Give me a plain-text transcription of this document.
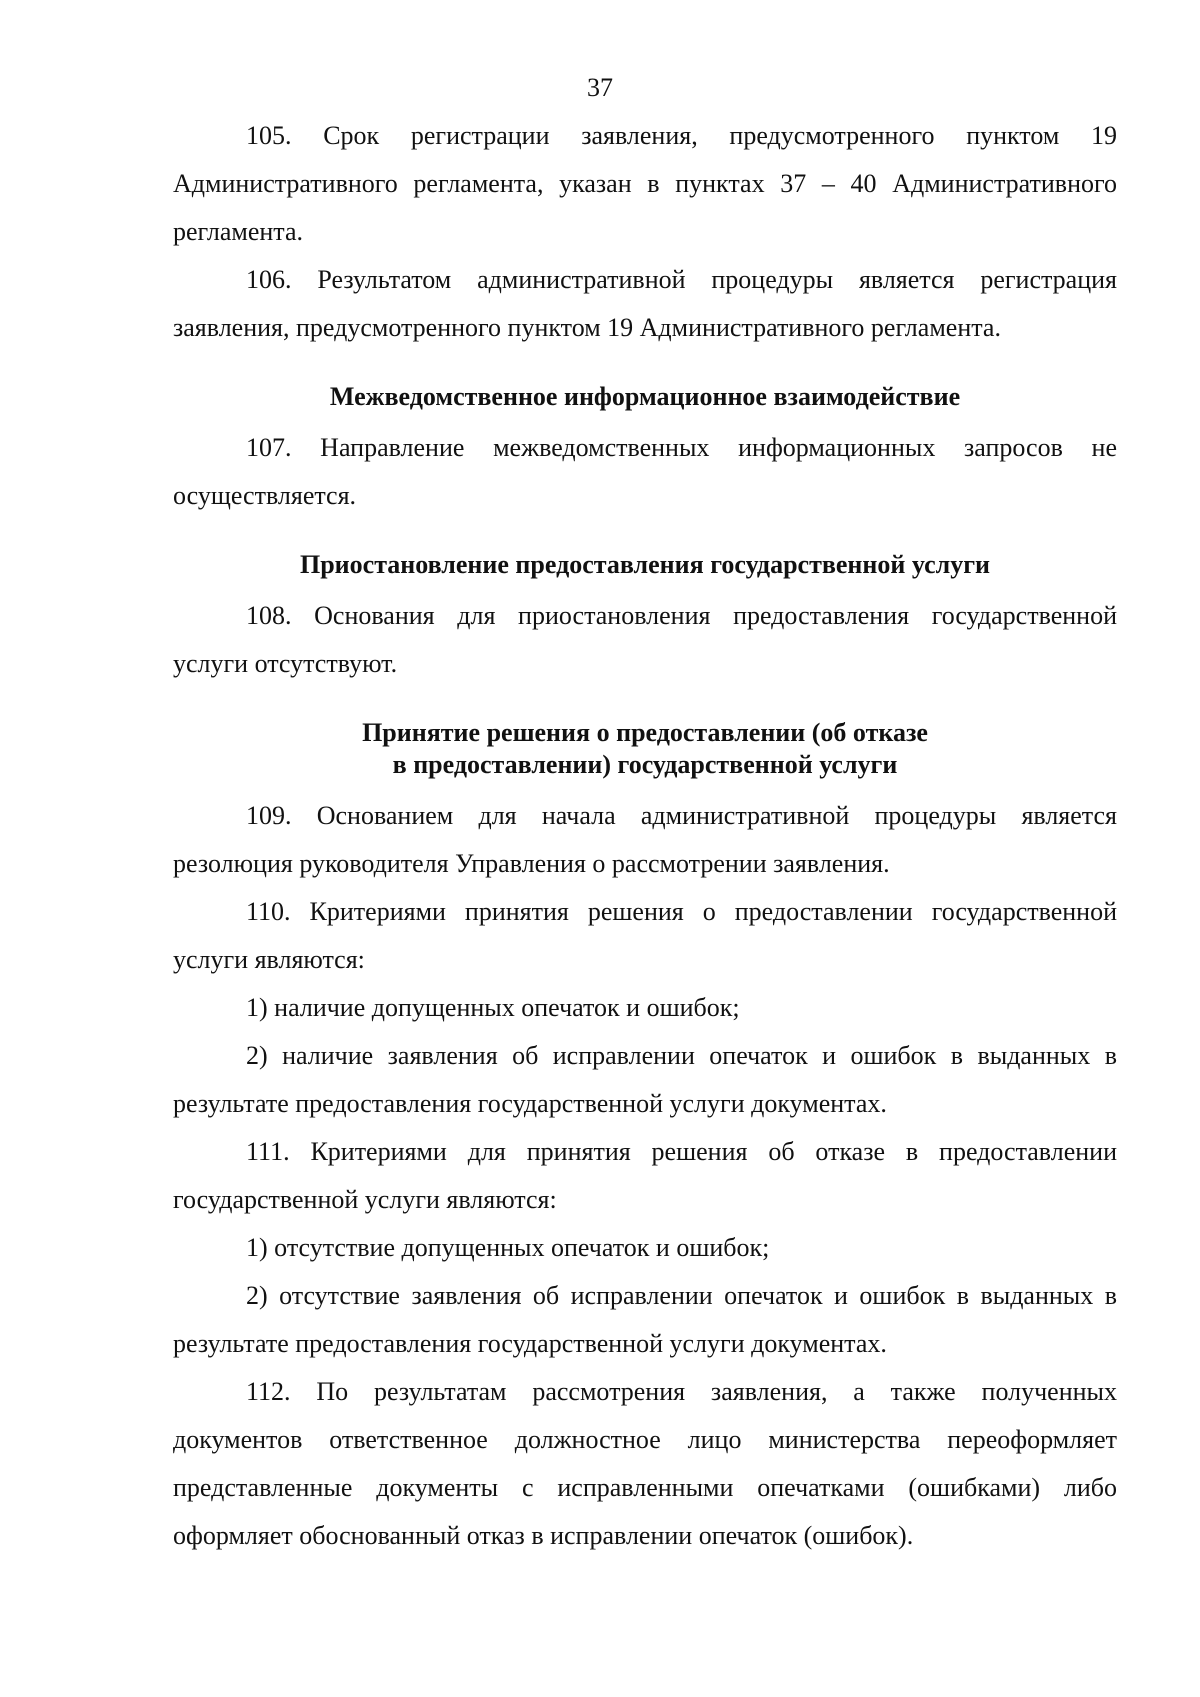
37

105. Срок регистрации заявления, предусмотренного пунктом 19 Административного регламента, указан в пунктах 37 – 40 Административного регламента.

106. Результатом административной процедуры является регистрация заявления, предусмотренного пунктом 19 Административного регламента.

Межведомственное информационное взаимодействие

107. Направление межведомственных информационных запросов не осуществляется.

Приостановление предоставления государственной услуги

108. Основания для приостановления предоставления государственной услуги отсутствуют.

Принятие решения о предоставлении (об отказе
в предоставлении) государственной услуги

109. Основанием для начала административной процедуры является резолюция руководителя Управления о рассмотрении заявления.

110. Критериями принятия решения о предоставлении государственной услуги являются:

1) наличие допущенных опечаток и ошибок;

2) наличие заявления об исправлении опечаток и ошибок в выданных в результате предоставления государственной услуги документах.

111. Критериями для принятия решения об отказе в предоставлении государственной услуги являются:

1) отсутствие допущенных опечаток и ошибок;

2) отсутствие заявления об исправлении опечаток и ошибок в выданных в результате предоставления государственной услуги документах.

112. По результатам рассмотрения заявления, а также полученных документов ответственное должностное лицо министерства переоформляет представленные документы с исправленными опечатками (ошибками) либо оформляет обоснованный отказ в исправлении опечаток (ошибок).
